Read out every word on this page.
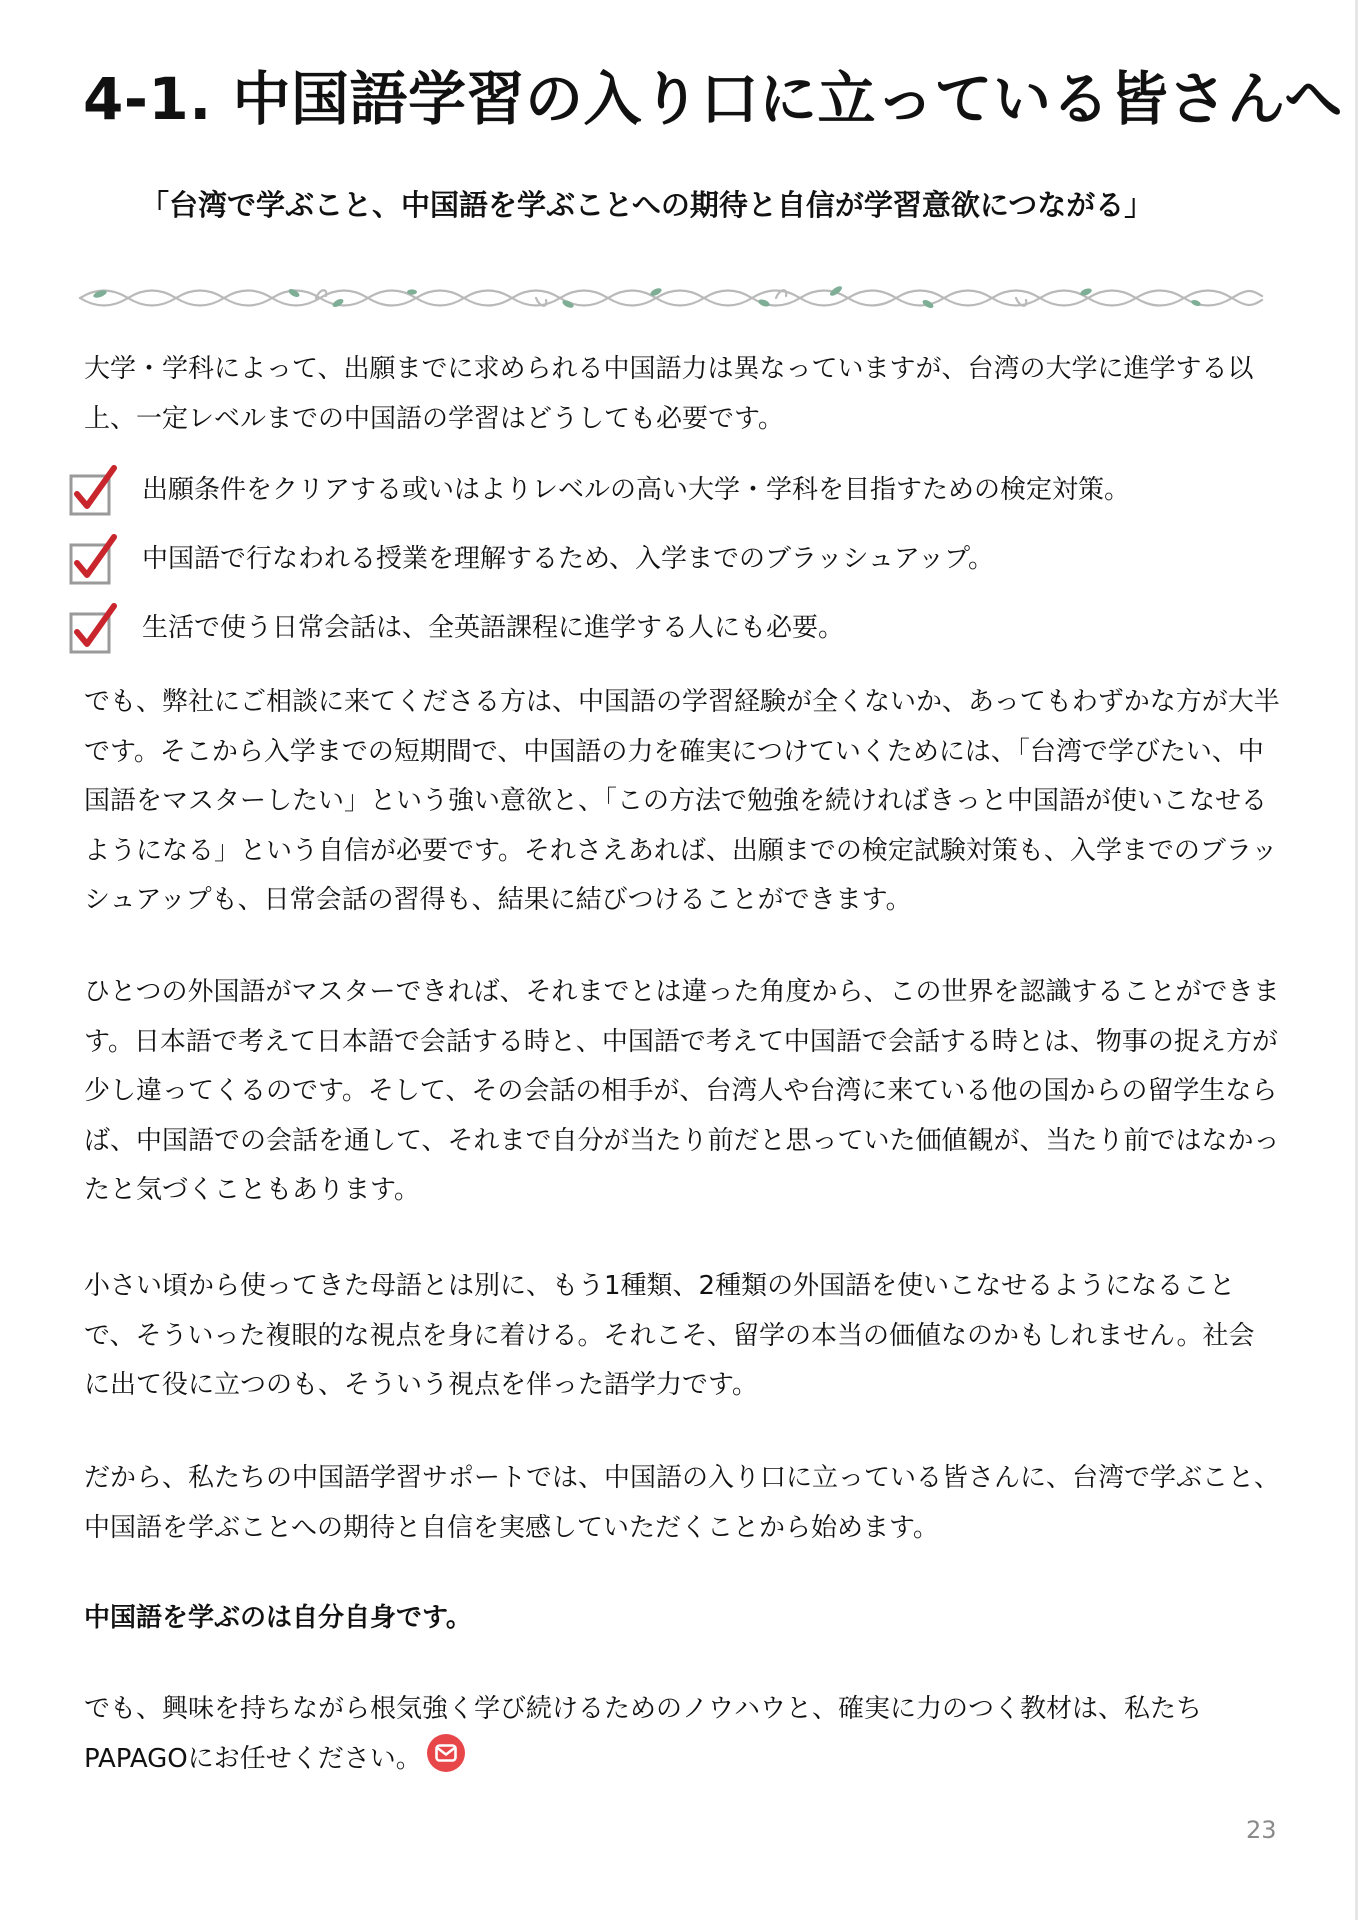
4-1. 中国語学習の入り口に立っている皆さんへ
「台湾で学ぶこと、中国語を学ぶことへの期待と自信が学習意欲につながる」

大学・学科によって、出願までに求められる中国語力は異なっていますが、台湾の大学に進学する以上、一定レベルまでの中国語の学習はどうしても必要です。

出願条件をクリアする或いはよりレベルの高い大学・学科を目指すための検定対策。
中国語で行なわれる授業を理解するため、入学までのブラッシュアップ。
生活で使う日常会話は、全英語課程に進学する人にも必要。

でも、弊社にご相談に来てくださる方は、中国語の学習経験が全くないか、あってもわずかな方が大半です。そこから入学までの短期間で、中国語の力を確実につけていくためには、「台湾で学びたい、中国語をマスターしたい」という強い意欲と、「この方法で勉強を続ければきっと中国語が使いこなせるようになる」という自信が必要です。それさえあれば、出願までの検定試験対策も、入学までのブラッシュアップも、日常会話の習得も、結果に結びつけることができます。

ひとつの外国語がマスターできれば、それまでとは違った角度から、この世界を認識することができます。日本語で考えて日本語で会話する時と、中国語で考えて中国語で会話する時とは、物事の捉え方が少し違ってくるのです。そして、その会話の相手が、台湾人や台湾に来ている他の国からの留学生ならば、中国語での会話を通して、それまで自分が当たり前だと思っていた価値観が、当たり前ではなかったと気づくこともあります。

小さい頃から使ってきた母語とは別に、もう1種類、2種類の外国語を使いこなせるようになることで、そういった複眼的な視点を身に着ける。それこそ、留学の本当の価値なのかもしれません。社会に出て役に立つのも、そういう視点を伴った語学力です。

だから、私たちの中国語学習サポートでは、中国語の入り口に立っている皆さんに、台湾で学ぶこと、中国語を学ぶことへの期待と自信を実感していただくことから始めます。

中国語を学ぶのは自分自身です。

でも、興味を持ちながら根気強く学び続けるためのノウハウと、確実に力のつく教材は、私たちPAPAGOにお任せください。

23
